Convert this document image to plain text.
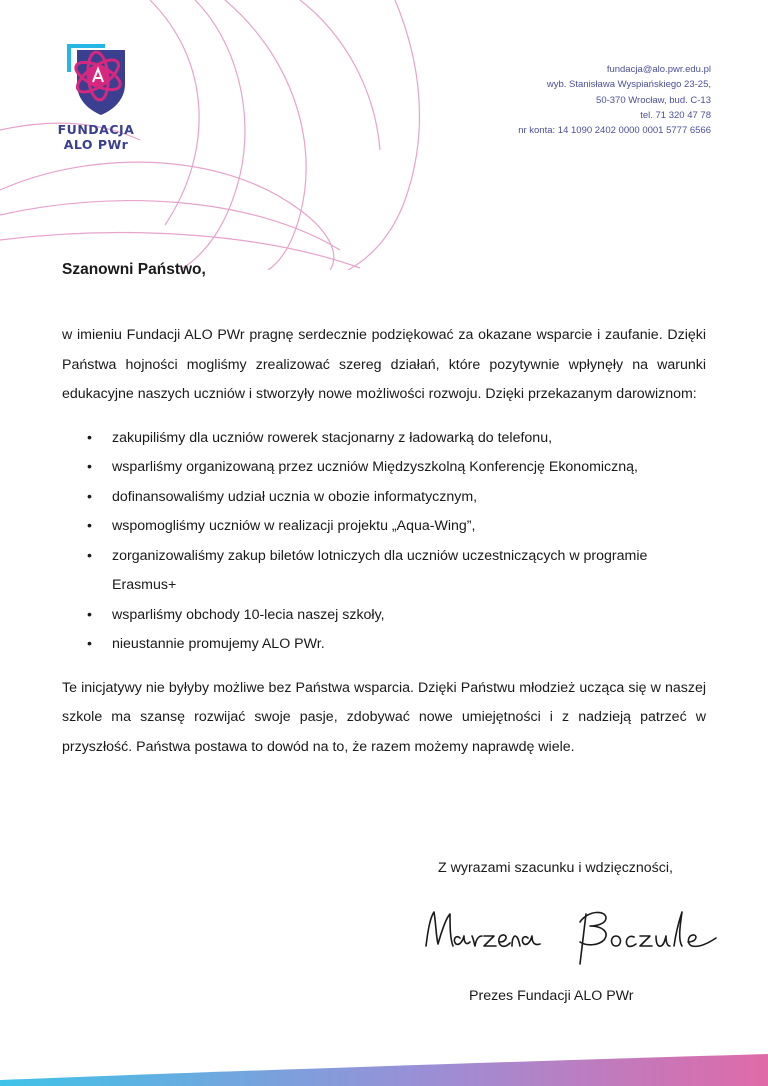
FUNDACJA
ALO PWr
fundacja@alo.pwr.edu.pl
wyb. Stanisława Wyspiańskiego 23-25,
50-370 Wrocław, bud. C-13
tel. 71 320 47 78
nr konta: 14 1090 2402 0000 0001 5777 6566

Szanowni Państwo,

w imieniu Fundacji ALO PWr pragnę serdecznie podziękować za okazane wsparcie i zaufanie. Dzięki Państwa hojności mogliśmy zrealizować szereg działań, które pozytywnie wpłynęły na warunki edukacyjne naszych uczniów i stworzyły nowe możliwości rozwoju. Dzięki przekazanym darowiznom:

• zakupiliśmy dla uczniów rowerek stacjonarny z ładowarką do telefonu,
• wsparliśmy organizowaną przez uczniów Międzyszkolną Konferencję Ekonomiczną,
• dofinansowaliśmy udział ucznia w obozie informatycznym,
• wspomogliśmy uczniów w realizacji projektu „Aqua-Wing”,
• zorganizowaliśmy zakup biletów lotniczych dla uczniów uczestniczących w programie Erasmus+
• wsparliśmy obchody 10-lecia naszej szkoły,
• nieustannie promujemy ALO PWr.

Te inicjatywy nie byłyby możliwe bez Państwa wsparcia. Dzięki Państwu młodzież ucząca się w naszej szkole ma szansę rozwijać swoje pasje, zdobywać nowe umiejętności i z nadzieją patrzeć w przyszłość. Państwa postawa to dowód na to, że razem możemy naprawdę wiele.

Z wyrazami szacunku i wdzięczności,
Prezes Fundacji ALO PWr
